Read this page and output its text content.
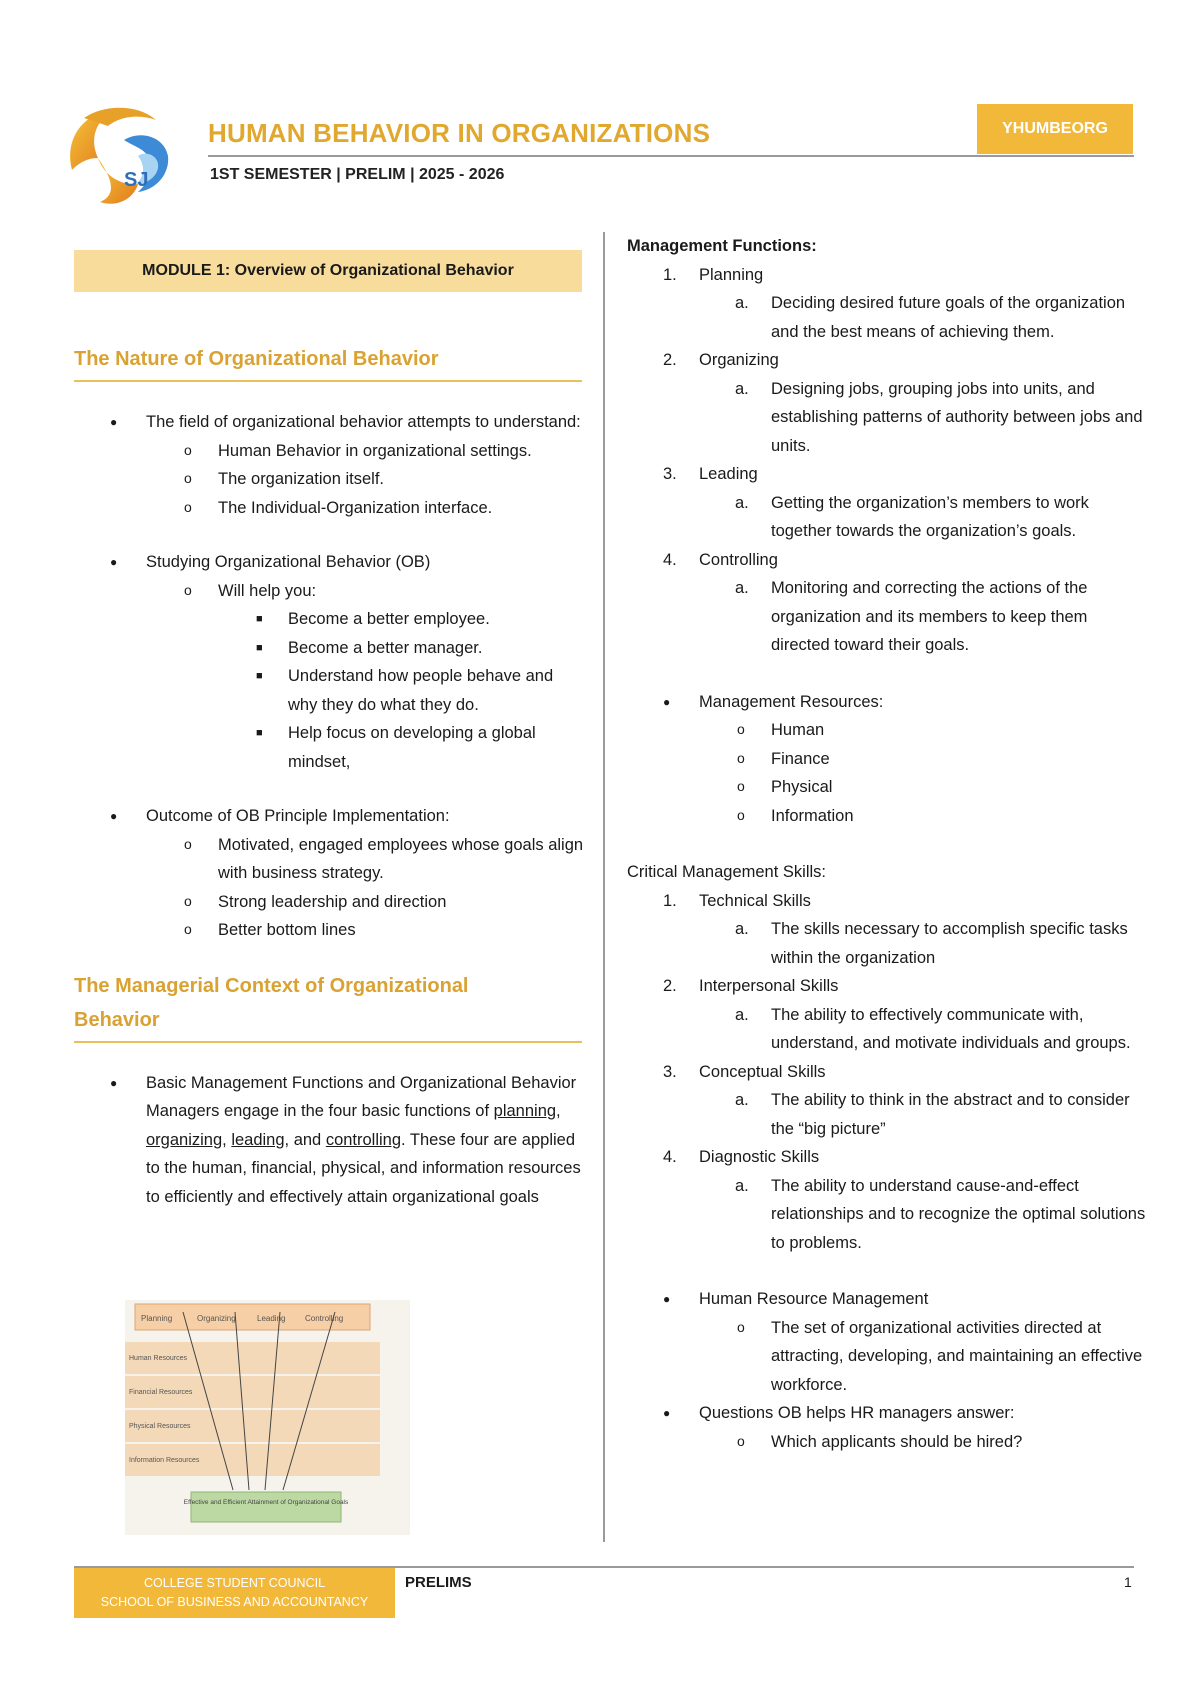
SJ
HUMAN BEHAVIOR IN ORGANIZATIONS
1ST SEMESTER | PRELIM | 2025 - 2026
YHUMBEORG
MODULE 1: Overview of Organizational Behavior
The Nature of Organizational Behavior
● The field of organizational behavior attempts to understand:
o Human Behavior in organizational settings.
o The organization itself.
o The Individual-Organization interface.
● Studying Organizational Behavior (OB)
o Will help you:
■ Become a better employee.
■ Become a better manager.
■ Understand how people behave and why they do what they do.
■ Help focus on developing a global mindset,
● Outcome of OB Principle Implementation:
o Motivated, engaged employees whose goals align with business strategy.
o Strong leadership and direction
o Better bottom lines
The Managerial Context of Organizational Behavior
● Basic Management Functions and Organizational Behavior
Managers engage in the four basic functions of planning, organizing, leading, and controlling. These four are applied to the human, financial, physical, and information resources to efficiently and effectively attain organizational goals
Planning	Organizing	Leading Controlling
Human Resources
Financial Resources
Physical Resources
Information Resources
Effective and Efficient Attainment of Organizational Goals
Management Functions:
1. Planning
a. Deciding desired future goals of the organization and the best means of achieving them.
2. Organizing
a. Designing jobs, grouping jobs into units, and establishing patterns of authority between jobs and units.
3. Leading
a. Getting the organization’s members to work together towards the organization’s goals.
4. Controlling
a. Monitoring and correcting the actions of the organization and its members to keep them directed toward their goals.
● Management Resources:
o Human
o Finance
o Physical
o Information
Critical Management Skills:
1. Technical Skills
a. The skills necessary to accomplish specific tasks within the organization
2. Interpersonal Skills
a. The ability to effectively communicate with, understand, and motivate individuals and groups.
3. Conceptual Skills
a. The ability to think in the abstract and to consider the “big picture”
4. Diagnostic Skills
a. The ability to understand cause-and-effect relationships and to recognize the optimal solutions to problems.
● Human Resource Management
o The set of organizational activities directed at attracting, developing, and maintaining an effective workforce.
● Questions OB helps HR managers answer:
o Which applicants should be hired?
COLLEGE STUDENT COUNCIL
SCHOOL OF BUSINESS AND ACCOUNTANCY
PRELIMS	1
